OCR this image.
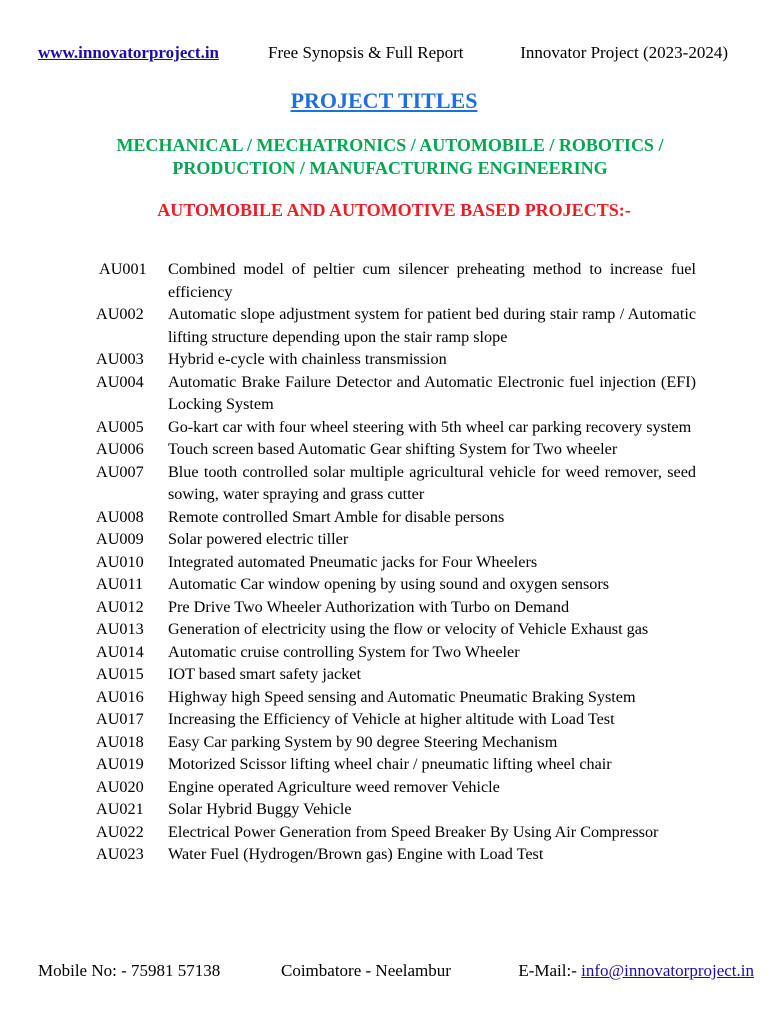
www.innovatorproject.in	Free Synopsis & Full Report	Innovator Project (2023-2024)
PROJECT TITLES
MECHANICAL / MECHATRONICS / AUTOMOBILE / ROBOTICS /
PRODUCTION / MANUFACTURING ENGINEERING
AUTOMOBILE AND AUTOMOTIVE BASED PROJECTS:-
AU001	Combined model of peltier cum silencer preheating method to increase fuel efficiency
AU002	Automatic slope adjustment system for patient bed during stair ramp / Automatic lifting structure depending upon the stair ramp slope
AU003	Hybrid e-cycle with chainless transmission
AU004	Automatic Brake Failure Detector and Automatic Electronic fuel injection (EFI) Locking System
AU005	Go-kart car with four wheel steering with 5th wheel car parking recovery system
AU006	Touch screen based Automatic Gear shifting System for Two wheeler
AU007	Blue tooth controlled solar multiple agricultural vehicle for weed remover, seed sowing, water spraying and grass cutter
AU008	Remote controlled Smart Amble for disable persons
AU009	Solar powered electric tiller
AU010	Integrated automated Pneumatic jacks for Four Wheelers
AU011	Automatic Car window opening by using sound and oxygen sensors
AU012	Pre Drive Two Wheeler Authorization with Turbo on Demand
AU013	Generation of electricity using the flow or velocity of Vehicle Exhaust gas
AU014	Automatic cruise controlling System for Two Wheeler
AU015	IOT based smart safety jacket
AU016	Highway high Speed sensing and Automatic Pneumatic Braking System
AU017	Increasing the Efficiency of Vehicle at higher altitude with Load Test
AU018	Easy Car parking System by 90 degree Steering Mechanism
AU019	Motorized Scissor lifting wheel chair / pneumatic lifting wheel chair
AU020	Engine operated Agriculture weed remover Vehicle
AU021	Solar Hybrid Buggy Vehicle
AU022	Electrical Power Generation from Speed Breaker By Using Air Compressor
AU023	Water Fuel (Hydrogen/Brown gas) Engine with Load Test
Mobile No: - 75981 57138	Coimbatore - Neelambur	E-Mail:- info@innovatorproject.in
